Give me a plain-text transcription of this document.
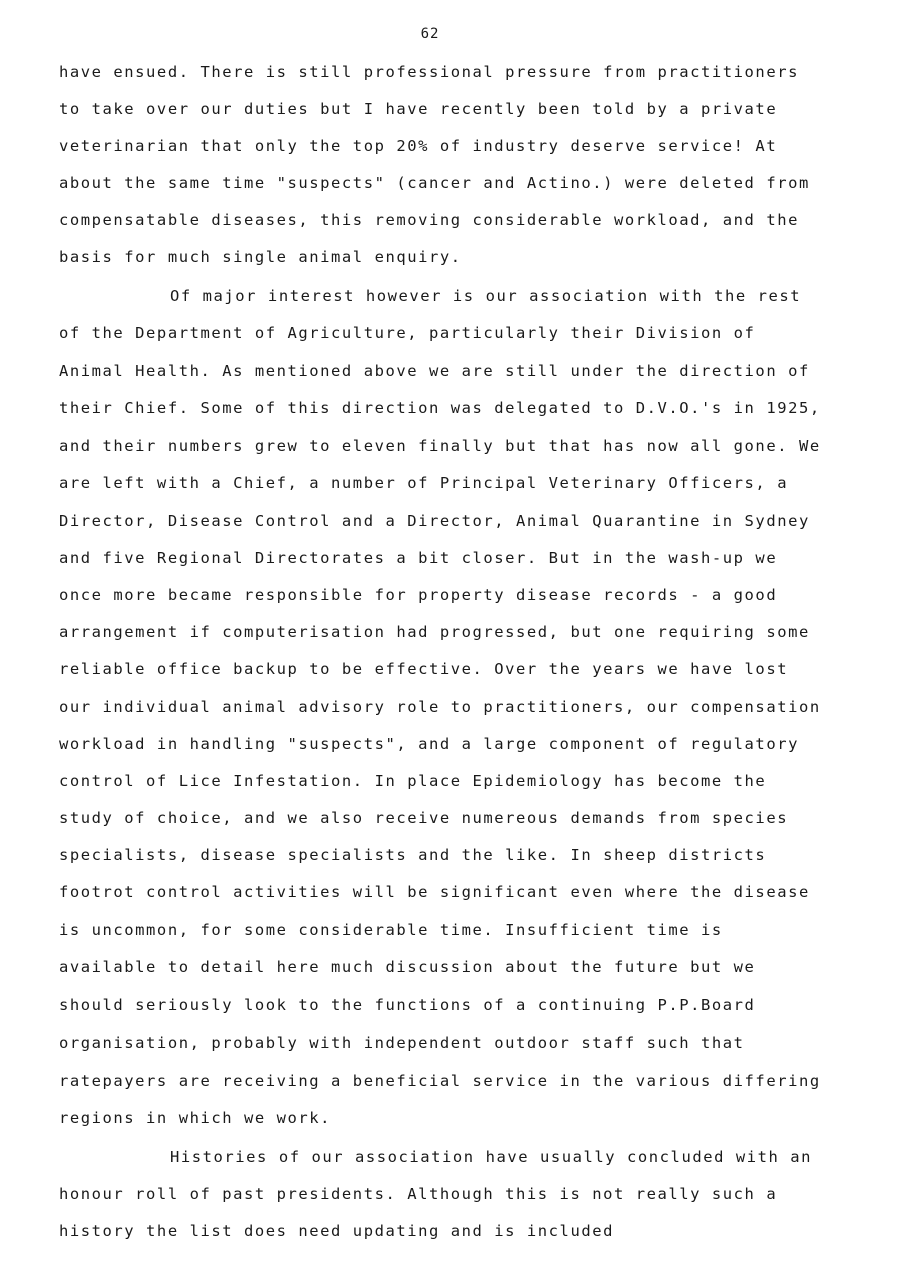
62
have ensued. There is still professional pressure from practitioners
to take over our duties but I have recently been told by a private
veterinarian that only the top 20% of industry deserve service! At
about the same time "suspects" (cancer and Actino.) were deleted from
compensatable diseases, this removing considerable workload, and the
basis for much single animal enquiry.
Of major interest however is our association with the rest
of the Department of Agriculture, particularly their Division of
Animal Health. As mentioned above we are still under the direction of
their Chief. Some of this direction was delegated to D.V.O.'s in 1925,
and their numbers grew to eleven finally but that has now all gone. We
are left with a Chief, a number of Principal Veterinary Officers, a
Director, Disease Control and a Director, Animal Quarantine in Sydney
and five Regional Directorates a bit closer. But in the wash-up we
once more became responsible for property disease records - a good
arrangement if computerisation had progressed, but one requiring some
reliable office backup to be effective. Over the years we have lost
our individual animal advisory role to practitioners, our compensation
workload in handling "suspects", and a large component of regulatory
control of Lice Infestation. In place Epidemiology has become the
study of choice, and we also receive numereous demands from species
specialists, disease specialists and the like. In sheep districts
footrot control activities will be significant even where the disease
is uncommon, for some considerable time. Insufficient time is
available to detail here much discussion about the future but we
should seriously look to the functions of a continuing P.P.Board
organisation, probably with independent outdoor staff such that
ratepayers are receiving a beneficial service in the various differing
regions in which we work.
Histories of our association have usually concluded with an
honour roll of past presidents. Although this is not really such a
history the list does need updating and is included
